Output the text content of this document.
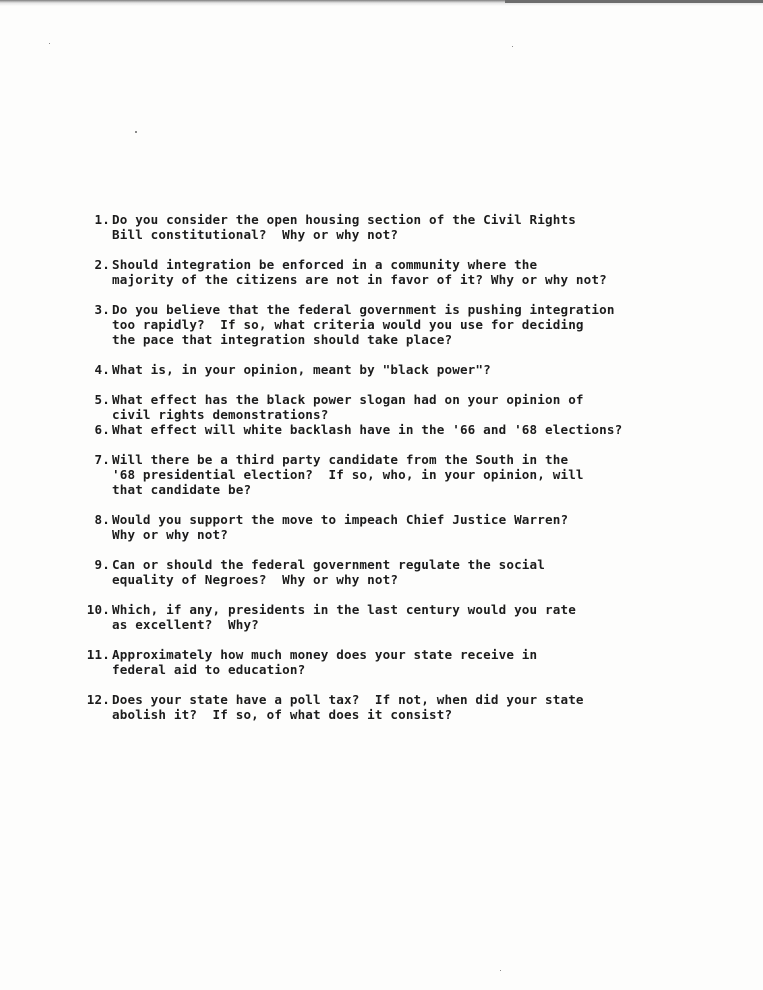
1. Do you consider the open housing section of the Civil Rights
Bill constitutional?  Why or why not?
2. Should integration be enforced in a community where the
majority of the citizens are not in favor of it? Why or why not?
3. Do you believe that the federal government is pushing integration
too rapidly?  If so, what criteria would you use for deciding
the pace that integration should take place?
4. What is, in your opinion, meant by "black power"?
5. What effect has the black power slogan had on your opinion of
civil rights demonstrations?
6. What effect will white backlash have in the '66 and '68 elections?
7. Will there be a third party candidate from the South in the
'68 presidential election?  If so, who, in your opinion, will
that candidate be?
8. Would you support the move to impeach Chief Justice Warren?
Why or why not?
9. Can or should the federal government regulate the social
equality of Negroes?  Why or why not?
10. Which, if any, presidents in the last century would you rate
as excellent?  Why?
11. Approximately how much money does your state receive in
federal aid to education?
12. Does your state have a poll tax?  If not, when did your state
abolish it?  If so, of what does it consist?
